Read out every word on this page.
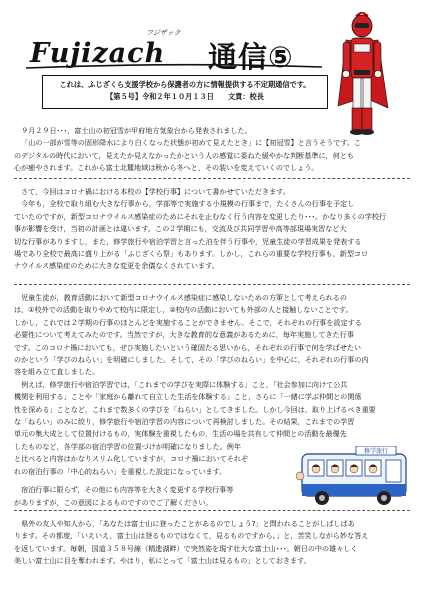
Fujizach
フジザック
通信⑤
これは、ふじざくら支援学校から保護者の方に情報提供する不定期通信です。
【第５号】令和２年１０月１３日 文責：校長

９月２９日･･･，富士山の初冠雪が甲府地方気象台から発表されました。

「山の一部が雪等の固形降水により白くなった状態が初めて見えたとき」に【初冠雪】と言うそうです。こ

のデジタルの時代において，見えたか見えなかったかという人の感覚に委ねた緩やかな判断基準に，何とも

心が癒やされます。これから富士北麓地域は秋から冬へと，その装いを変えていくのでしょう。

さて，今回はコロナ禍における本校の【学校行事】について書かせていただきます。

今年も，全校で取り組む大きな行事から，学部等で実施する小規模の行事まで，たくさんの行事を予定し

ていたのですが，新型コロナウイルス感染症のためにそれを止むなく行う内容を変更したり･･･。かなり多くの学校行

事が影響を受け，当初の計画とは違います。この２学期にも，交流及び共同学習や高等部現場実習など大

切な行事がありますし，また，修学旅行や宿泊学習と言った泊を伴う行事や，児童生徒の学習成果を発表する

場であり全校で最高に盛り上がる「ふじざくら祭」もあります。しかし，これらの重要な学校行事も，新型コロ

ナウイルス感染症のために大きな変更を余儀なくされています。

児童生徒が，教育活動において新型コロナウイルス感染症に感染しないための方策として考えられるの

は，①校外での活動を取りやめて校内に限定し，②校内の活動においても外部の人と接触しないことです。

しかし，これでは２学期の行事のほとんどを実施することができません。そこで，それぞれの行事を設定する

必要性について考えてみたのです。当然ですが，大きな教育的な意義があるために，毎年実施してきた行事

です。このコロナ禍においても，ぜひ実施したいという確固たる思いから，それぞれの行事で何を学ばせたい

のかという「学びのねらい」を明確にしました。そして，その「学びのねらい」を中心に，それぞれの行事の内

容を組み立て直しました。

例えば，修学旅行や宿泊学習では，「これまでの学びを実際に体験する」こと，「社会参加に向けて公共

機関を利用する」ことや「家庭から離れて自立した生活を体験する」こと，さらに「一緒に学ぶ仲間との関係

性を深める」ことなど，これまで数多くの学びを「ねらい」としてきました。しかし今回は，取り上げるべき重要

な「ねらい」のみに絞り，修学旅行や宿泊学習の内容について再検討しました。その結果，これまでの学習

単元の集大成として位置付けるもの，実体験を重視したもの，生活の場を共有して仲間との活動を最優先

したものなど，各学部の宿泊学習の位置づけが明確になりました。例年

と比べると内容はかなりスリム化していますが，コロナ禍においてそれぞ

れの宿泊行事の「中心的ねらい」を重視した設定になっています。

宿泊行事に限らず，その他にも内容等を大きく変更する学校行事等

がありますが，この意図によるものですのでご了解ください。

修学旅行

県外の友人や知人から，「あなたは富士山に登ったことがあるのでしょう?」と問われることがしばしばあ

ります。その都度，「いえいえ，富士山は登るものではなくて，見るものですから。」と，苦笑しながら妙な答え

を返しています。毎朝，国道３５８号線（精進湖畔）で突然姿を現す壮大な富士山･･･。朝日の中の雄々しく

美しい富士山に目を奪われます。やはり，私にとって「富士山は見るもの」としておきます。
